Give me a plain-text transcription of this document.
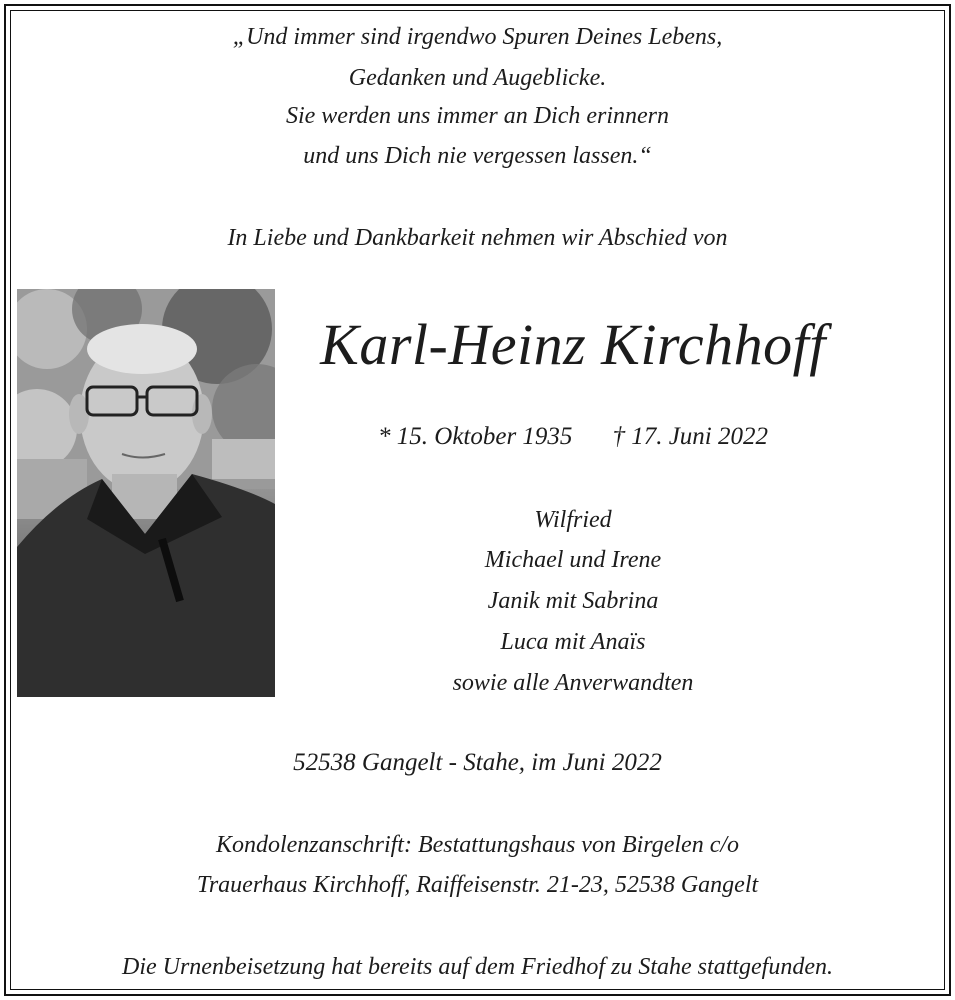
„Und immer sind irgendwo Spuren Deines Lebens,
Gedanken und Augeblicke.
Sie werden uns immer an Dich erinnern
und uns Dich nie vergessen lassen.“
In Liebe und Dankbarkeit nehmen wir Abschied von
Karl-Heinz Kirchhoff
* 15. Oktober 1935 † 17. Juni 2022
Wilfried
Michael und Irene
Janik mit Sabrina
Luca mit Anaïs
sowie alle Anverwandten
52538 Gangelt - Stahe, im Juni 2022
Kondolenzanschrift: Bestattungshaus von Birgelen c/o
Trauerhaus Kirchhoff, Raiffeisenstr. 21-23, 52538 Gangelt
Die Urnenbeisetzung hat bereits auf dem Friedhof zu Stahe stattgefunden.
